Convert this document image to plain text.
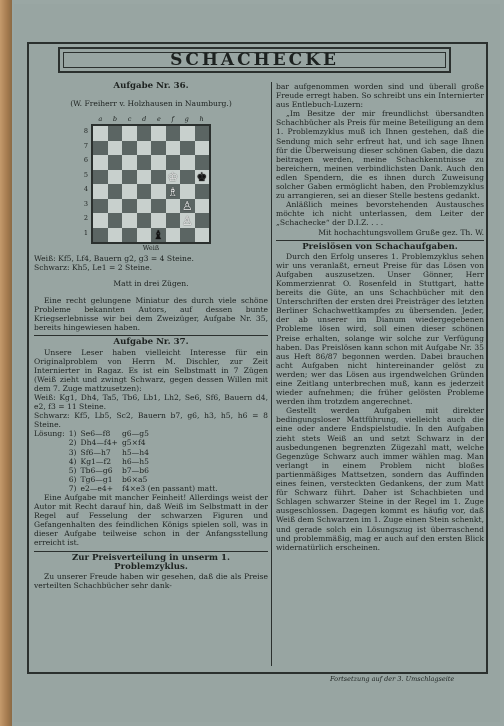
SCHACHECKE

Aufgabe Nr. 36.

(W. Freiherr v. Holzhausen in Naumburg.)

a b c d e f g h
8
7
6
5
4
3
2
1
♔ ♚
♗
♙
♙
♝
Weiß

Weiß: Kf5, Lf4, Bauern g2, g3 = 4 Steine.

Schwarz: Kh5, Le1 = 2 Steine.

Matt in drei Zügen.

Eine recht gelungene Miniatur des durch viele schöne Probleme bekannten Autors, auf dessen bunte Kriegserlebnisse wir bei dem Zweizüger, Aufgabe Nr. 35, bereits hingewiesen haben.

Aufgabe Nr. 37.

Unsere Leser haben vielleicht Interesse für ein Originalproblem von Herrn M. Dischler, zur Zeit Internierter in Ragaz. Es ist ein Selbstmatt in 7 Zügen (Weiß zieht und zwingt Schwarz, gegen dessen Willen mit dem 7. Zuge mattzusetzen):

Weiß: Kg1, Dh4, Ta5, Tb6, Lb1, Lh2, Se6, Sf6, Bauern d4, e2, f3 = 11 Steine.

Schwarz: Kf5, Lb5, Sc2, Bauern b7, g6, h3, h5, h6 = 8 Steine.

Lösung:	1)	Se6—f8	g6—g5
	2)	Dh4—f4+	g5×f4
	3)	Sf6—h7	h5—h4
	4)	Kg1—f2	h6—h5
	5)	Tb6—g6	b7—b6
	6)	Tg6—g1	b6×a5
	7)	e2—e4+	f4×e3 (en passant) matt.

Eine Aufgabe mit mancher Feinheit! Allerdings weist der Autor mit Recht darauf hin, daß Weiß im Selbstmatt in der Regel auf Fesselung der schwarzen Figuren und Gefangenhalten des feindlichen Königs spielen soll, was in dieser Aufgabe teilweise schon in der Anfangsstellung erreicht ist.

Zur Preisverteilung in unserm 1. Problemzyklus.

Zu unserer Freude haben wir gesehen, daß die als Preise verteilten Schachbücher sehr dank-

bar aufgenommen worden sind und überall große Freude erregt haben. So schreibt uns ein Internierter aus Entlebuch-Luzern:

„Im Besitze der mir freundlichst übersandten Schachbücher als Preis für meine Beteiligung an dem 1. Problemzyklus muß ich Ihnen gestehen, daß die Sendung mich sehr erfreut hat, und ich sage Ihnen für die Überweisung dieser schönen Gaben, die dazu beitragen werden, meine Schachkenntnisse zu bereichern, meinen verbindlichsten Dank. Auch den edlen Spendern, die es ihnen durch Zuweisung solcher Gaben ermöglicht haben, den Problemzyklus zu arrangieren, sei an dieser Stelle bestens gedankt.

Anläßlich meines bevorstehenden Austausches möchte ich nicht unterlassen, dem Leiter der „Schachecke“ der D.I.Z. . . .

Mit hochachtungsvollem Gruße gez. Th. W.

Preislösen von Schachaufgaben.

Durch den Erfolg unseres 1. Problemzyklus sehen wir uns veranlaßt, erneut Preise für das Lösen von Aufgaben auszusetzen. Unser Gönner, Herr Kommerzienrat O. Rosenfeld in Stuttgart, hatte bereits die Güte, an uns Schachbücher mit den Unterschriften der ersten drei Preisträger des letzten Berliner Schachwettkampfes zu übersenden. Jeder, der ab unserer im Dianum wiedergegebenen Probleme lösen wird, soll einen dieser schönen Preise erhalten, solange wir solche zur Verfügung haben. Das Preislösen kann schon mit Aufgabe Nr. 35 aus Heft 86/87 begonnen werden. Dabei brauchen acht Aufgaben nicht hintereinander gelöst zu werden; wer das Lösen aus irgendwelchen Gründen eine Zeitlang unterbrechen muß, kann es jederzeit wieder aufnehmen; die früher gelösten Probleme werden ihm trotzdem angerechnet.

Gestellt werden Aufgaben mit direkter bedingungsloser Mattführung, vielleicht auch die eine oder andere Endspielstudie. In den Aufgaben zieht stets Weiß an und setzt Schwarz in der ausbedungenen begrenzten Zügezahl matt, welche Gegenzüge Schwarz auch immer wählen mag. Man verlangt in einem Problem nicht bloßes partienmäßiges Mattsetzen, sondern das Auffinden eines feinen, versteckten Gedankens, der zum Matt für Schwarz führt. Daher ist Schachbieten und Schlagen schwarzer Steine in der Regel im 1. Zuge ausgeschlossen. Dagegen kommt es häufig vor, daß Weiß dem Schwarzen im 1. Zuge einen Stein schenkt, und gerade solch ein Lösungszug ist überraschend und problemmäßig, mag er auch auf den ersten Blick widernatürlich erscheinen.

Fortsetzung auf der 3. Umschlagseite
